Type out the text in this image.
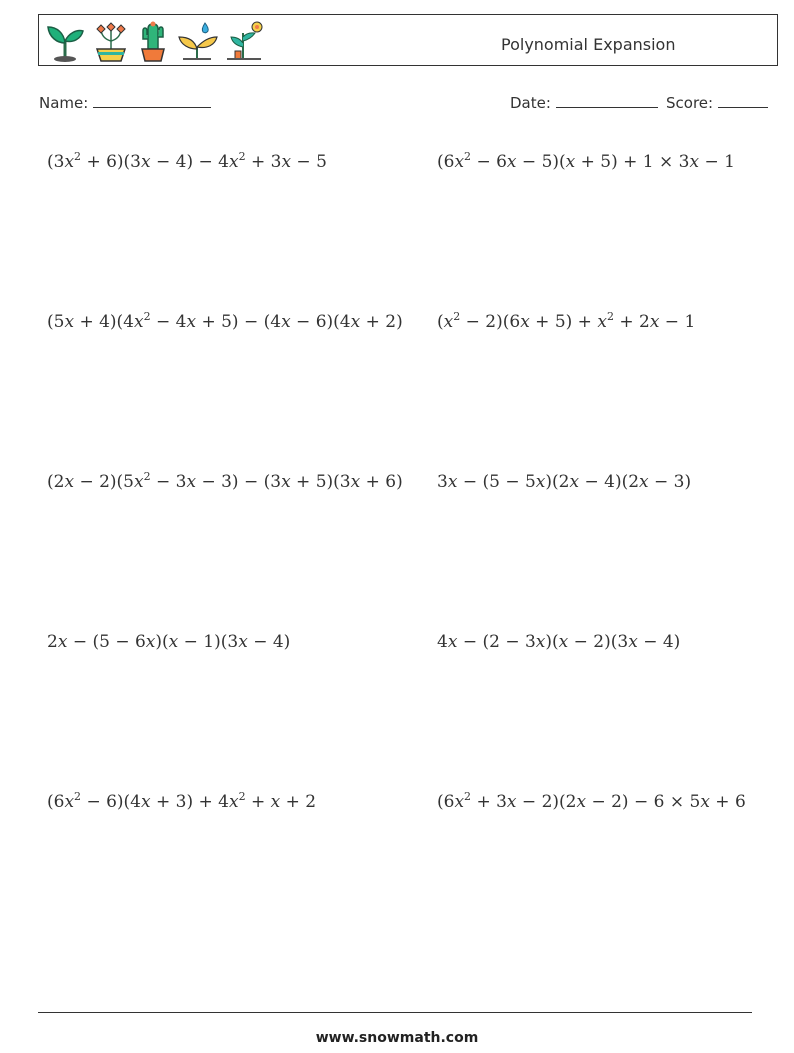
Polynomial Expansion
Name:	Date:	Score:
$(3x^2 + 6)(3x - 4) - 4x^2 + 3x - 5$	$(6x^2 - 6x - 5)(x + 5) + 1 \times 3x - 1$
$(5x + 4)(4x^2 - 4x + 5) - (4x - 6)(4x + 2)$ $(x^2 - 2)(6x + 5) + x^2 + 2x - 1$
$(2x - 2)(5x^2 - 3x - 3) - (3x + 5)(3x + 6)$ 3x − (5 − 5x)(2x − 4)(2x − 3)
2x − (5 − 6x)(x − 1)(3x − 4)	4x − (2 − 3x)(x − 2)(3x − 4)
$(6x^2 - 6)(4x + 3) + 4x^2 + x + 2$	$(6x^2 + 3x - 2)(2x - 2) - 6 \times 5x + 6$
www.snowmath.com
